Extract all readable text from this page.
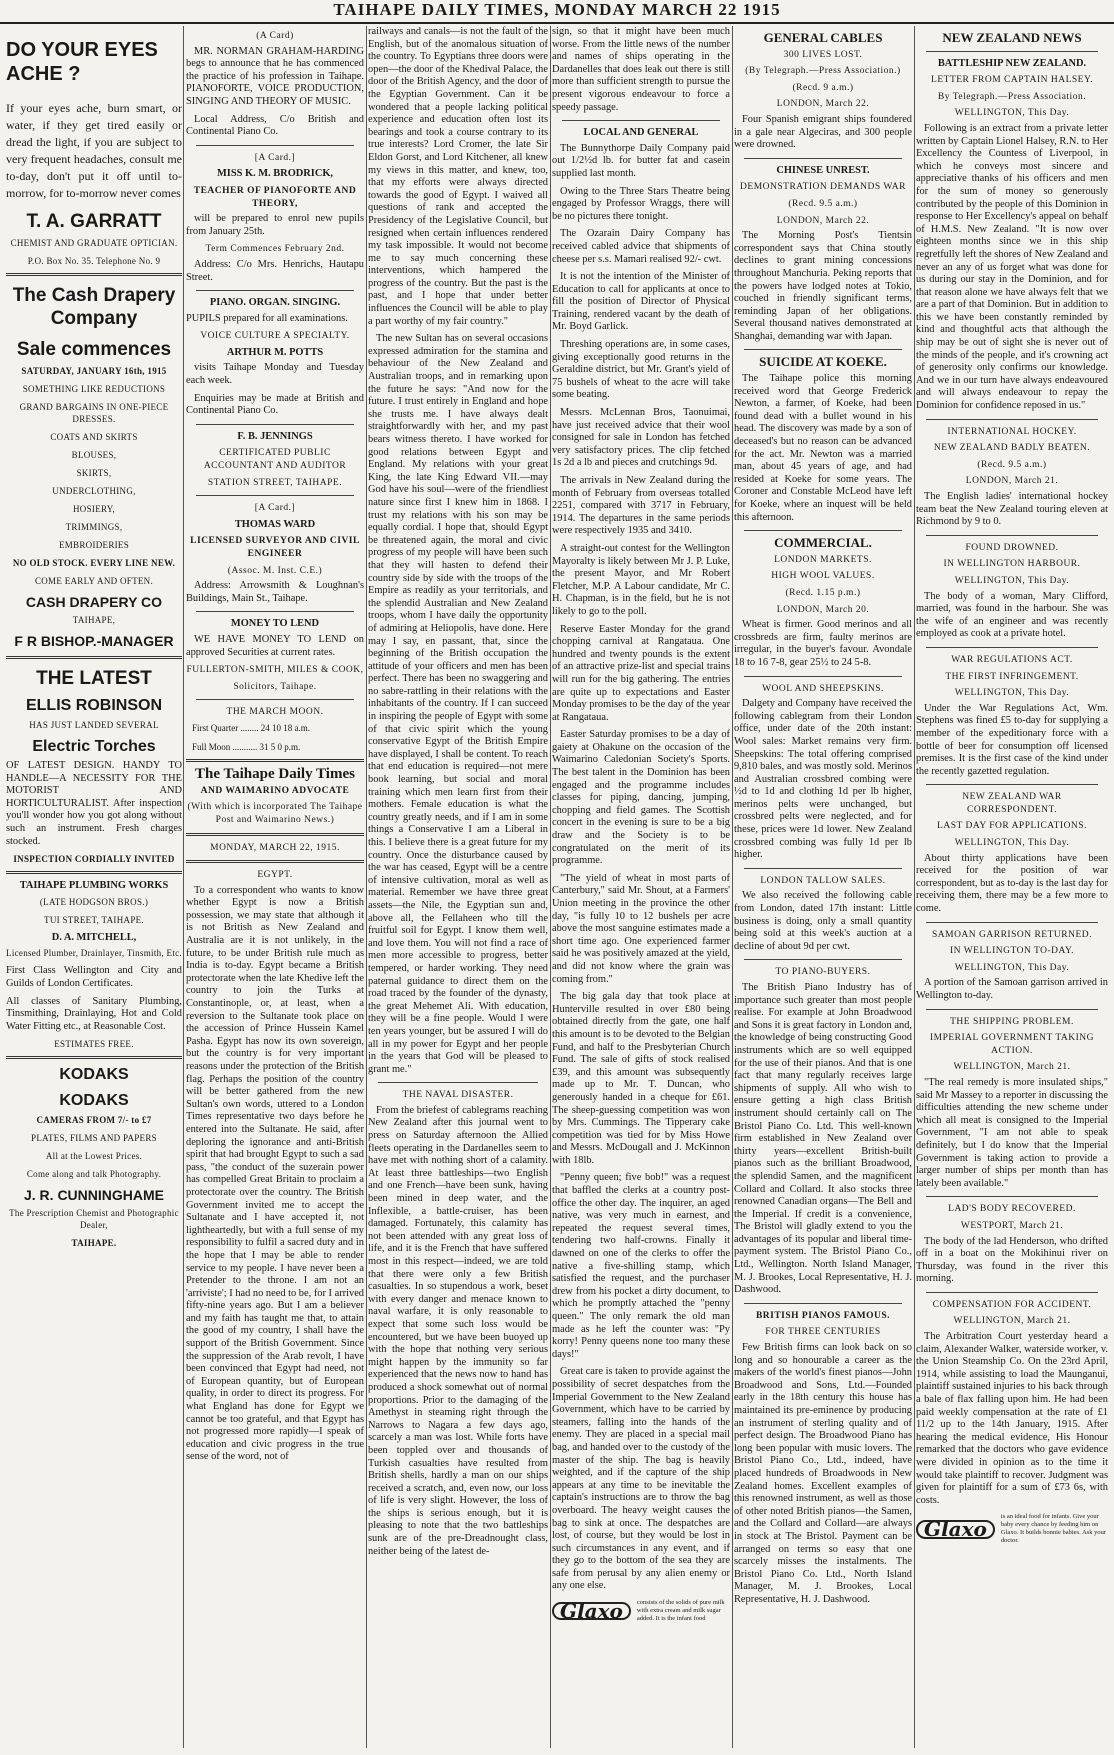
TAIHAPE DAILY TIMES, MONDAY MARCH 22 1915
DO YOUR EYES ACHE ?

If your eyes ache, burn smart, or water, if they get tired easily or dread the light, if you are subject to very frequent headaches, consult me to-day, don't put it off until to-morrow, for to-morrow never comes

T. A. GARRATT
CHEMIST AND GRADUATE OPTICIAN.
P.O. Box No. 35. Telephone No. 9
The Cash Drapery Company
Sale commences
SATURDAY, JANUARY 16th, 1915
SOMETHING LIKE REDUCTIONS
GRAND BARGAINS IN ONE-PIECE DRESSES.
COATS AND SKIRTS
BLOUSES,
SKIRTS,
UNDERCLOTHING,
HOSIERY,
TRIMMINGS,
EMBROIDERIES
NO OLD STOCK. EVERY LINE NEW.
COME EARLY AND OFTEN.
CASH DRAPERY CO
TAIHAPE,
F R BISHOP.-MANAGER
THE LATEST
ELLIS ROBINSON
HAS JUST LANDED SEVERAL
Electric Torches

OF LATEST DESIGN. HANDY TO HANDLE—A NECESSITY FOR THE MOTORIST AND HORTICULTURALIST. After inspection you'll wonder how you got along without such an instrument. Fresh charges stocked.

INSPECTION CORDIALLY INVITED
TAIHAPE PLUMBING WORKS
(LATE HODGSON BROS.)
TUI STREET, TAIHAPE.
D. A. MITCHELL,
Licensed Plumber, Drainlayer, Tinsmith, Etc.

First Class Wellington and City and Guilds of London Certificates.

All classes of Sanitary Plumbing, Tinsmithing, Drainlaying, Hot and Cold Water Fitting etc., at Reasonable Cost.

ESTIMATES FREE.
KODAKS
KODAKS
CAMERAS FROM 7/- to £7
PLATES, FILMS AND PAPERS
All at the Lowest Prices.
Come along and talk Photography.
J. R. CUNNINGHAME
The Prescription Chemist and Photographic Dealer,
TAIHAPE.
(A Card)

MR. NORMAN GRAHAM-HARDING begs to announce that he has commenced the practice of his profession in Taihape. PIANOFORTE, VOICE PRODUCTION, SINGING AND THEORY OF MUSIC.

Local Address, C/o British and Continental Piano Co.

[A Card.]
MISS K. M. BRODRICK,
TEACHER OF PIANOFORTE AND THEORY,

will be prepared to enrol new pupils from January 25th.

Term Commences February 2nd.

Address: C/o Mrs. Henrichs, Hautapu Street.

PIANO. ORGAN. SINGING.

PUPILS prepared for all examinations.

VOICE CULTURE A SPECIALTY.
ARTHUR M. POTTS

visits Taihape Monday and Tuesday each week.

Enquiries may be made at British and Continental Piano Co.

F. B. JENNINGS
CERTIFICATED PUBLIC ACCOUNTANT AND AUDITOR
STATION STREET, TAIHAPE.
[A Card.]
THOMAS WARD
LICENSED SURVEYOR AND CIVIL ENGINEER
(Assoc. M. Inst. C.E.)

Address: Arrowsmith & Loughnan's Buildings, Main St., Taihape.

MONEY TO LEND

WE HAVE MONEY TO LEND on approved Securities at current rates.

FULLERTON-SMITH, MILES & COOK,
Solicitors, Taihape.
THE MARCH MOON.
First Quarter ........ 24 10 18 a.m.
Full Moon ........... 31 5 0 p.m.
The Taihape Daily Times
AND WAIMARINO ADVOCATE
(With which is incorporated The Taihape Post and Waimarino News.)
MONDAY, MARCH 22, 1915.
EGYPT.

To a correspondent who wants to know whether Egypt is now a British possession, we may state that although it is not British as New Zealand and Australia are it is not unlikely, in the future, to be under British rule much as India is to-day. Egypt became a British protectorate when the late Khedive left the country to join the Turks at Constantinople, or, at least, when a reversion to the Sultanate took place on the accession of Prince Hussein Kamel Pasha. Egypt has now its own sovereign, but the country is for very important reasons under the protection of the British flag. Perhaps the position of the country will be better gathered from the new Sultan's own words, uttered to a London Times representative two days before he entered into the Sultanate. He said, after deploring the ignorance and anti-British spirit that had brought Egypt to such a sad pass, "the conduct of the suzerain power has compelled Great Britain to proclaim a protectorate over the country. The British Government invited me to accept the Sultanate and I have accepted it, not lightheartedly, but with a full sense of my responsibility to fulfil a sacred duty and in the hope that I may be able to render service to my people. I have never been a Pretender to the throne. I am not an 'arriviste'; I had no need to be, for I arrived fifty-nine years ago. But I am a believer and my faith has taught me that, to attain the good of my country, I shall have the support of the British Government. Since the suppression of the Arab revolt, I have been convinced that Egypt had need, not of European quantity, but of European quality, in order to direct its progress. For what England has done for Egypt we cannot be too grateful, and that Egypt has not progressed more rapidly—I speak of education and civic progress in the true sense of the word, not of

railways and canals—is not the fault of the English, but of the anomalous situation of the country. To Egyptians three doors were open—the door of the Khedival Palace, the door of the British Agency, and the door of the Egyptian Government. Can it be wondered that a people lacking political experience and education often lost its bearings and took a course contrary to its true interests? Lord Cromer, the late Sir Eldon Gorst, and Lord Kitchener, all knew my views in this matter, and knew, too, that my efforts were always directed towards the good of Egypt. I waived all questions of rank and accepted the Presidency of the Legislative Council, but resigned when certain influences rendered my task impossible. It would not become me to say much concerning these interventions, which hampered the progress of the country. But the past is the past, and I hope that under better influences the Council will be able to play a part worthy of my fair country."

The new Sultan has on several occasions expressed admiration for the stamina and behaviour of the New Zealand and Australian troops, and in remarking upon the future he says: "And now for the future. I trust entirely in England and hope she trusts me. I have always dealt straightforwardly with her, and my past bears witness thereto. I have worked for good relations between Egypt and England. My relations with your great King, the late King Edward VII.—may God have his soul—were of the friendliest nature since first I knew him in 1868. I trust my relations with his son may be equally cordial. I hope that, should Egypt be threatened again, the moral and civic progress of my people will have been such that they will hasten to defend their country side by side with the troops of the Empire as readily as your territorials, and the splendid Australian and New Zealand troops, whom I have daily the opportunity of admiring at Heliopolis, have done. Here may I say, en passant, that, since the beginning of the British occupation the attitude of your officers and men has been perfect. There has been no swaggering and no sabre-rattling in their relations with the inhabitants of the country. If I can succeed in inspiring the people of Egypt with some of that civic spirit which the young conservative Egypt of the British Empire have displayed, I shall be content. To reach that end education is required—not mere book learning, but social and moral training which men learn first from their mothers. Female education is what the country greatly needs, and if I am in some things a Conservative I am a Liberal in this. I believe there is a great future for my country. Once the disturbance caused by the war has ceased, Egypt will be a centre of intensive cultivation, moral as well as material. Remember we have three great assets—the Nile, the Egyptian sun and, above all, the Fellaheen who till the fruitful soil for Egypt. I know them well, and love them. You will not find a race of men more accessible to progress, better tempered, or harder working. They need paternal guidance to direct them on the road traced by the founder of the dynasty, the great Mehemet Ali. With education, they will be a fine people. Would I were ten years younger, but be assured I will do all in my power for Egypt and her people in the years that God will be pleased to grant me."

THE NAVAL DISASTER.

From the briefest of cablegrams reaching New Zealand after this journal went to press on Saturday afternoon the Allied fleets operating in the Dardanelles seem to have met with nothing short of a calamity. At least three battleships—two English and one French—have been sunk, having been mined in deep water, and the Inflexible, a battle-cruiser, has been damaged. Fortunately, this calamity has not been attended with any great loss of life, and it is the French that have suffered most in this respect—indeed, we are told that there were only a few British casualties. In so stupendous a work, beset with every danger and menace known to naval warfare, it is only reasonable to expect that some such loss would be encountered, but we have been buoyed up with the hope that nothing very serious might happen by the immunity so far experienced that the news now to hand has produced a shock somewhat out of normal proportions. Prior to the damaging of the Amethyst in steaming right through the Narrows to Nagara a few days ago, scarcely a man was lost. While forts have been toppled over and thousands of Turkish casualties have resulted from British shells, hardly a man on our ships received a scratch, and, even now, our loss of life is very slight. However, the loss of the ships is serious enough, but it is pleasing to note that the two battleships sunk are of the pre-Dreadnought class, neither being of the latest de-

sign, so that it might have been much worse. From the little news of the number and names of ships operating in the Dardanelles that does leak out there is still more than sufficient strength to pursue the present vigorous endeavour to force a speedy passage.

LOCAL AND GENERAL

The Bunnythorpe Daily Company paid out 1/2½d lb. for butter fat and casein supplied last month.

Owing to the Three Stars Theatre being engaged by Professor Wraggs, there will be no pictures there tonight.

The Ozarain Dairy Company has received cabled advice that shipments of cheese per s.s. Mamari realised 92/- cwt.

It is not the intention of the Minister of Education to call for applicants at once to fill the position of Director of Physical Training, rendered vacant by the death of Mr. Boyd Garlick.

Threshing operations are, in some cases, giving exceptionally good returns in the Geraldine district, but Mr. Grant's yield of 75 bushels of wheat to the acre will take some beating.

Messrs. McLennan Bros, Taonuimai, have just received advice that their wool consigned for sale in London has fetched very satisfactory prices. The clip fetched 1s 2d a lb and pieces and crutchings 9d.

The arrivals in New Zealand during the month of February from overseas totalled 2251, compared with 3717 in February, 1914. The departures in the same periods were respectively 1935 and 3410.

A straight-out contest for the Wellington Mayoralty is likely between Mr J. P. Luke, the present Mayor, and Mr Robert Fletcher, M.P. A Labour candidate, Mr C. H. Chapman, is in the field, but he is not likely to go to the poll.

Reserve Easter Monday for the grand chopping carnival at Rangataua. One hundred and twenty pounds is the extent of an attractive prize-list and special trains will run for the big gathering. The entries are quite up to expectations and Easter Monday promises to be the day of the year at Rangataua.

Easter Saturday promises to be a day of gaiety at Ohakune on the occasion of the Waimarino Caledonian Society's Sports. The best talent in the Dominion has been engaged and the programme includes classes for piping, dancing, jumping, chopping and field games. The Scottish concert in the evening is sure to be a big draw and the Society is to be congratulated on the merit of its programme.

"The yield of wheat in most parts of Canterbury," said Mr. Shout, at a Farmers' Union meeting in the province the other day, "is fully 10 to 12 bushels per acre above the most sanguine estimates made a short time ago. One experienced farmer said he was positively amazed at the yield, and did not know where the grain was coming from."

The big gala day that took place at Hunterville resulted in over £80 being obtained directly from the gate, one half this amount is to be devoted to the Belgian Fund, and half to the Presbyterian Church Fund. The sale of gifts of stock realised £39, and this amount was subsequently made up to Mr. T. Duncan, who generously handed in a cheque for £61. The sheep-guessing competition was won by Mrs. Cummings. The Tipperary cake competition was tied for by Miss Howe and Messrs. McDougall and J. McKinnon with 18lb.

"Penny queen; five bob!" was a request that baffled the clerks at a country post-office the other day. The inquirer, an aged native, was very much in earnest, and repeated the request several times, tendering two half-crowns. Finally it dawned on one of the clerks to offer the native a five-shilling stamp, which satisfied the request, and the purchaser drew from his pocket a dirty document, to which he promptly attached the "penny queen." The only remark the old man made as he left the counter was: "Py korry! Penny queens none too many these days!"

Great care is taken to provide against the possibility of secret despatches from the Imperial Government to the New Zealand Government, which have to be carried by steamers, falling into the hands of the enemy. They are placed in a special mail bag, and handed over to the custody of the master of the ship. The bag is heavily weighted, and if the capture of the ship appears at any time to be inevitable the captain's instructions are to throw the bag overboard. The heavy weight causes the bag to sink at once. The despatches are lost, of course, but they would be lost in such circumstances in any event, and if they go to the bottom of the sea they are safe from perusal by any alien enemy or any one else.

Glaxo	consists of the solids of pure milk with extra cream and milk sugar added. It is the infant food
GENERAL CABLES
300 LIVES LOST.
(By Telegraph.—Press Association.)
(Recd. 9 a.m.)
LONDON, March 22.

Four Spanish emigrant ships foundered in a gale near Algeciras, and 300 people were drowned.

CHINESE UNREST.
DEMONSTRATION DEMANDS WAR
(Recd. 9.5 a.m.)
LONDON, March 22.

The Morning Post's Tientsin correspondent says that China stoutly declines to grant mining concessions throughout Manchuria. Peking reports that the powers have lodged notes at Tokio, couched in friendly significant terms, reminding Japan of her obligations. Several thousand natives demonstrated at Shanghai, demanding war with Japan.

SUICIDE AT KOEKE.

The Taihape police this morning received word that George Frederick Newton, a farmer, of Koeke, had been found dead with a bullet wound in his head. The discovery was made by a son of deceased's but no reason can be advanced for the act. Mr. Newton was a married man, about 45 years of age, and had resided at Koeke for some years. The Coroner and Constable McLeod have left for Koeke, where an inquest will be held this afternoon.

COMMERCIAL.
LONDON MARKETS.
HIGH WOOL VALUES.
(Recd. 1.15 p.m.)
LONDON, March 20.

Wheat is firmer. Good merinos and all crossbreds are firm, faulty merinos are irregular, in the buyer's favour. Avondale 18 to 16 7-8, gear 25½ to 24 5-8.

WOOL AND SHEEPSKINS.

Dalgety and Company have received the following cablegram from their London office, under date of the 20th instant: Wool sales: Market remains very firm. Sheepskins: The total offering comprised 9,810 bales, and was mostly sold. Merinos and Australian crossbred combing were ½d to 1d and clothing 1d per lb higher, merinos pelts were unchanged, but crossbred pelts were neglected, and for these, prices were 1d lower. New Zealand crossbred combing was fully 1d per lb higher.

LONDON TALLOW SALES.

We also received the following cable from London, dated 17th instant: Little business is doing, only a small quantity being sold at this week's auction at a decline of about 9d per cwt.

TO PIANO-BUYERS.

The British Piano Industry has of importance such greater than most people realise. For example at John Broadwood and Sons it is great factory in London and, the knowledge of being constructing Good instruments which are so well equipped for the use of their pianos. And that is one fact that many regularly receives large shipments of supply. All who wish to ensure getting a high class British instrument should certainly call on The Bristol Piano Co. Ltd. This well-known firm established in New Zealand over thirty years—excellent British-built pianos such as the brilliant Broadwood, the splendid Samen, and the magnificent Collard and Collard. It also stocks three renowned Canadian organs—The Bell and the Imperial. If credit is a convenience, The Bristol will gladly extend to you the advantages of its popular and liberal time-payment system. The Bristol Piano Co., Ltd., Wellington. North Island Manager, M. J. Brookes, Local Representative, H. J. Dashwood.

BRITISH PIANOS FAMOUS.
FOR THREE CENTURIES

Few British firms can look back on so long and so honourable a career as the makers of the world's finest pianos—John Broadwood and Sons, Ltd.—Founded early in the 18th century this house has maintained its pre-eminence by producing an instrument of sterling quality and of perfect design. The Broadwood Piano has long been popular with music lovers. The Bristol Piano Co., Ltd., indeed, have placed hundreds of Broadwoods in New Zealand homes. Excellent examples of this renowned instrument, as well as those of other noted British pianos—the Samen, and the Collard and Collard—are always in stock at The Bristol. Payment can be arranged on terms so easy that one scarcely misses the instalments. The Bristol Piano Co. Ltd., North Island Manager, M. J. Brookes, Local Representative, H. J. Dashwood.

NEW ZEALAND NEWS
BATTLESHIP NEW ZEALAND.
LETTER FROM CAPTAIN HALSEY.
By Telegraph.—Press Association.
WELLINGTON, This Day.

Following is an extract from a private letter written by Captain Lionel Halsey, R.N. to Her Excellency the Countess of Liverpool, in which he conveys most sincere and appreciative thanks of his officers and men for the sum of money so generously contributed by the people of this Dominion in response to Her Excellency's appeal on behalf of H.M.S. New Zealand. "It is now over eighteen months since we in this ship regretfully left the shores of New Zealand and never an any of us forget what was done for us during our stay in the Dominion, and for that reason alone we have always felt that we are a part of that Dominion. But in addition to this we have been constantly reminded by kind and thoughtful acts that although the ship may be out of sight she is never out of the minds of the people, and it's crowning act of generosity only confirms our knowledge. And we in our turn have always endeavoured and will always endeavour to repay the Dominion for confidence reposed in us."

INTERNATIONAL HOCKEY.
NEW ZEALAND BADLY BEATEN.
(Recd. 9.5 a.m.)
LONDON, March 21.

The English ladies' international hockey team beat the New Zealand touring eleven at Richmond by 9 to 0.

FOUND DROWNED.
IN WELLINGTON HARBOUR.
WELLINGTON, This Day.

The body of a woman, Mary Clifford, married, was found in the harbour. She was the wife of an engineer and was recently employed as cook at a private hotel.

WAR REGULATIONS ACT.
THE FIRST INFRINGEMENT.
WELLINGTON, This Day.

Under the War Regulations Act, Wm. Stephens was fined £5 to-day for supplying a member of the expeditionary force with a bottle of beer for consumption off licensed premises. It is the first case of the kind under the recently gazetted regulation.

NEW ZEALAND WAR CORRESPONDENT.
LAST DAY FOR APPLICATIONS.
WELLINGTON, This Day.

About thirty applications have been received for the position of war correspondent, but as to-day is the last day for receiving them, there may be a few more to come.

SAMOAN GARRISON RETURNED.
IN WELLINGTON TO-DAY.
WELLINGTON, This Day.

A portion of the Samoan garrison arrived in Wellington to-day.

THE SHIPPING PROBLEM.
IMPERIAL GOVERNMENT TAKING ACTION.
WELLINGTON, March 21.

"The real remedy is more insulated ships," said Mr Massey to a reporter in discussing the difficulties attending the new scheme under which all meat is consigned to the Imperial Government, "I am not able to speak definitely, but I do know that the Imperial Government is taking action to provide a larger number of ships per month than has lately been available."

LAD'S BODY RECOVERED.
WESTPORT, March 21.

The body of the lad Henderson, who drifted off in a boat on the Mokihinui river on Thursday, was found in the river this morning.

COMPENSATION FOR ACCIDENT.
WELLINGTON, March 21.

The Arbitration Court yesterday heard a claim, Alexander Walker, waterside worker, v. the Union Steamship Co. On the 23rd April, 1914, while assisting to load the Maunganui, plaintiff sustained injuries to his back through a bale of flax falling upon him. He had been paid weekly compensation at the rate of £1 11/2 up to the 14th January, 1915. After hearing the medical evidence, His Honour remarked that the doctors who gave evidence were divided in opinion as to the time it would take plaintiff to recover. Judgment was given for plaintiff for a sum of £73 6s, with costs.

Glaxo
is an ideal food for infants. Give your baby every chance by feeding him on Glaxo. It builds bonnie babies. Ask your doctor.
